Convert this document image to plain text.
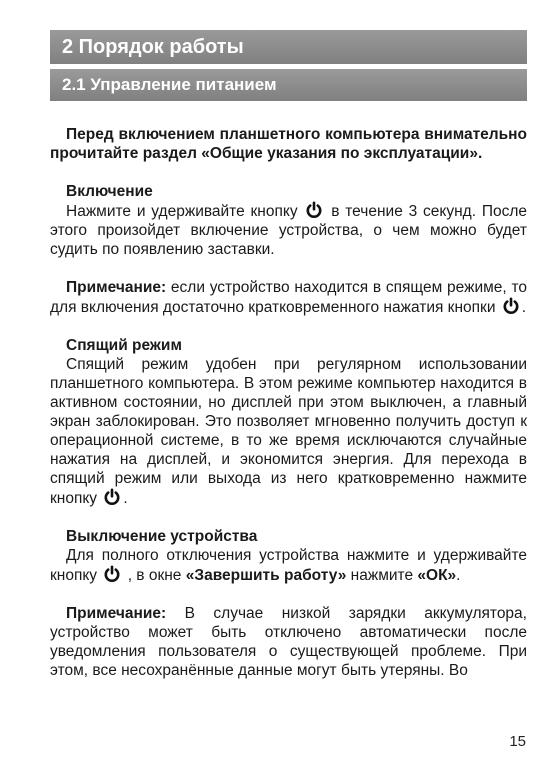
2 Порядок работы
2.1 Управление питанием

Перед включением планшетного компьютера внимательно прочитайте раздел «Общие указания по эксплуатации».

Включение

Нажмите и удерживайте кнопку в течение 3 секунд. После этого произойдет включение устройства, о чем можно будет судить по появлению заставки.

Примечание: если устройство находится в спящем режиме, то для включения достаточно кратковременного нажатия кнопки .

Спящий режим

Спящий режим удобен при регулярном использовании планшетного компьютера. В этом режиме компьютер находится в активном состоянии, но дисплей при этом выключен, а главный экран заблокирован. Это позволяет мгновенно получить доступ к операционной системе, в то же время исключаются случайные нажатия на дисплей, и экономится энергия. Для перехода в спящий режим или выхода из него кратковременно нажмите кнопку .

Выключение устройства

Для полного отключения устройства нажмите и удерживайте кнопку , в окне «Завершить работу» нажмите «ОК».

Примечание: В случае низкой зарядки аккумулятора, устройство может быть отключено автоматически после уведомления пользователя о существующей проблеме. При этом, все несохранённые данные могут быть утеряны. Во

15
